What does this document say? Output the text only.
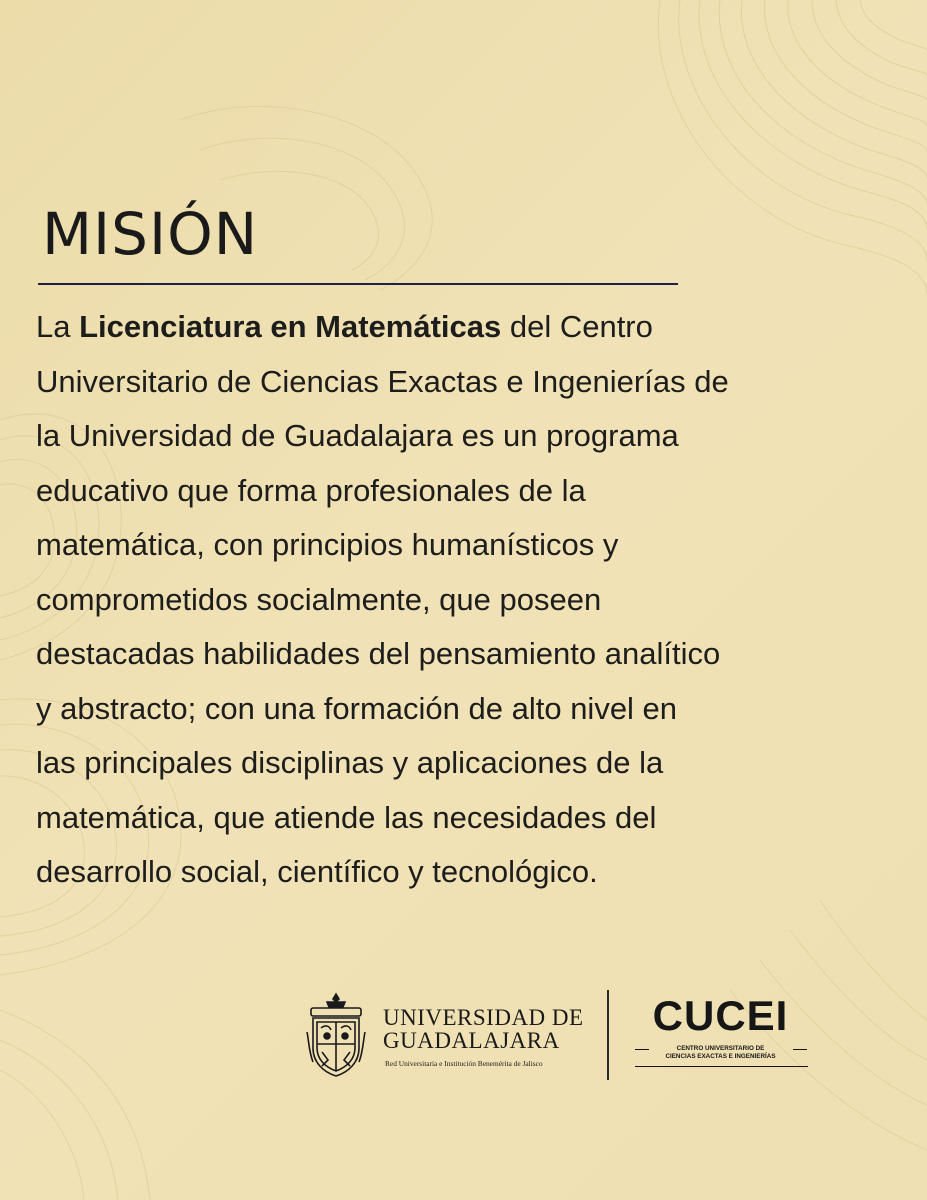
MISIÓN
La Licenciatura en Matemáticas del Centro
Universitario de Ciencias Exactas e Ingenierías de
la Universidad de Guadalajara es un programa
educativo que forma profesionales de la
matemática, con principios humanísticos y
comprometidos socialmente, que poseen
destacadas habilidades del pensamiento analítico
y abstracto; con una formación de alto nivel en
las principales disciplinas y aplicaciones de la
matemática, que atiende las necesidades del
desarrollo social, científico y tecnológico.
UNIVERSIDAD DE
GUADALAJARA
Red Universitaria e Institución Benemérita de Jalisco
CUCEI
CENTRO UNIVERSITARIO DE
CIENCIAS EXACTAS E INGENIERÍAS
